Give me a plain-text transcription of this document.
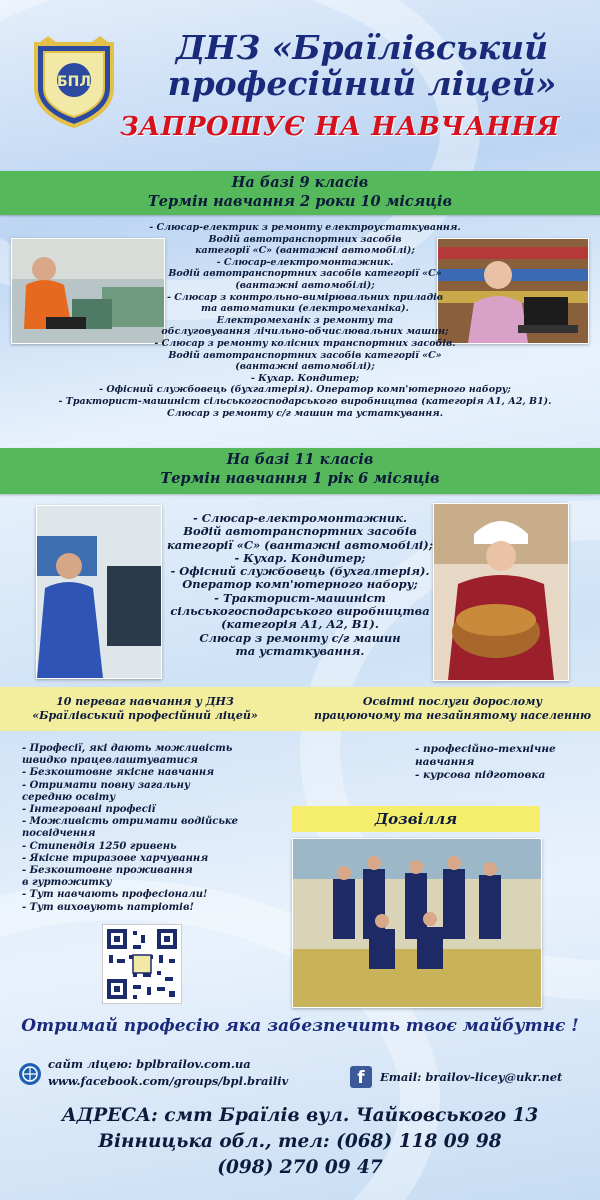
БПЛ
ДНЗ «Браїлівський
професійний ліцей»
ЗАПРОШУЄ НА НАВЧАННЯ
На базі 9 класів
Термін навчання 2 роки 10 місяців
- Слюсар-електрик з ремонту електроустаткування.
Водій автотранспортних засобів
категорії «С» (вантажні автомобілі);
- Слюсар-електромонтажник.
Водій автотранспортних засобів категорії «С»
(вантажні автомобілі);
- Слюсар з контрольно-вимірювальних приладів
та автоматики (електромеханіка).
Електромеханік з ремонту та
обслуговування лічильно-обчислювальних машин;
- Слюсар з ремонту колісних транспортних засобів.
Водій автотранспортних засобів категорії «С»
(вантажні автомобілі);
- Кухар. Кондитер;
- Офісний службовець (бухгалтерія). Оператор комп'ютерного набору;
- Тракторист-машиніст сільськогосподарського виробництва (категорія А1, А2, В1).
Слюсар з ремонту с/г машин та устаткування.
На базі 11 класів
Термін навчання 1 рік 6 місяців
- Слюсар-електромонтажник.
Водій автотранспортних засобів
категорії «С» (вантажні автомобілі);
- Кухар. Кондитер;
- Офісний службовець (бухгалтерія).
Оператор комп'ютерного набору;
- Тракторист-машиніст
сільськогосподарського виробництва
(категорія А1, А2, В1).
Слюсар з ремонту с/г машин
та устаткування.
10 переваг навчання у ДНЗ
«Браїлівський професійний ліцей»
Освітні послуги дорослому
працюючому та незайнятому населенню
- Професії, які дають можливість
швидко працевлаштуватися
- Безкоштовне якісне навчання
- Отримати повну загальну
середню освіту
- Інтегровані професії
- Можливість отримати водійське
посвідчення
- Стипендія 1250 гривень
- Якісне триразове харчування
- Безкоштовне проживання
в гуртожитку
- Тут навчають професіонали!
- Тут виховують патріотів!
- професійно-технічне
навчання
- курсова підготовка
Дозвілля
Отримай професію яка забезпечить твоє майбутнє !
сайт ліцею: bplbrailov.com.ua
www.facebook.com/groups/bpl.brailiv	f	Email: brailov-licey@ukr.net
АДРЕСА: смт Браїлів вул. Чайковського 13
Вінницька обл., тел: (068) 118 09 98
(098) 270 09 47
